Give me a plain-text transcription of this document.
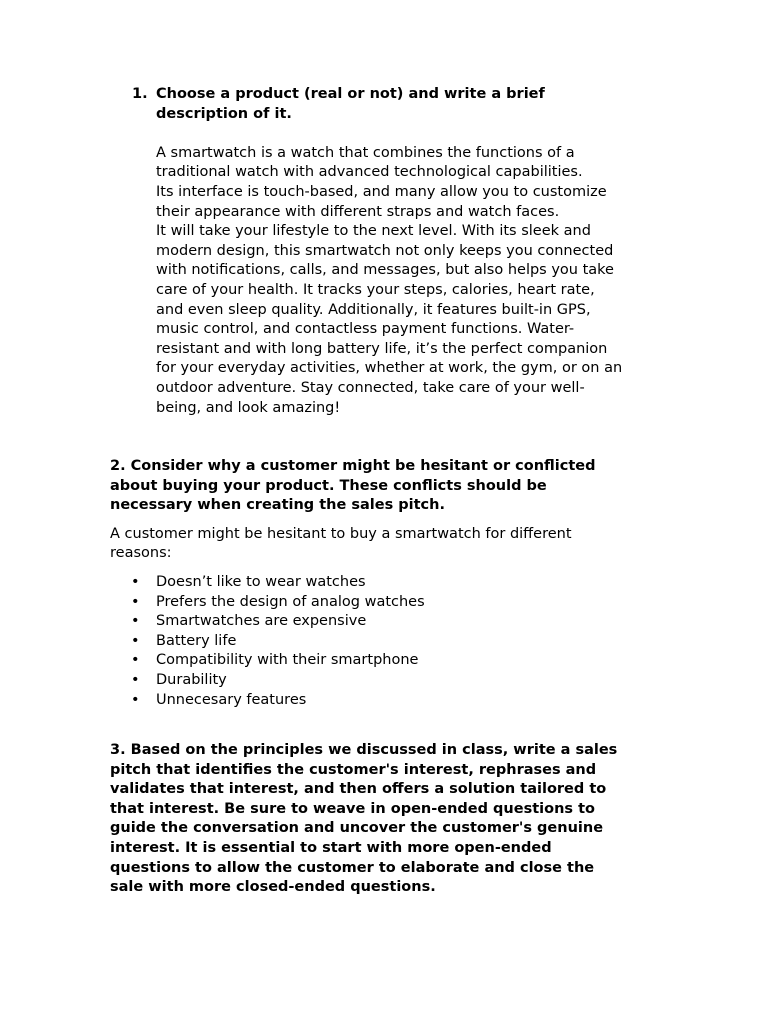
1. Choose a product (real or not) and write a brief
description of it.

A smartwatch is a watch that combines the functions of a
traditional watch with advanced technological capabilities.
Its interface is touch-based, and many allow you to customize
their appearance with different straps and watch faces.
It will take your lifestyle to the next level. With its sleek and
modern design, this smartwatch not only keeps you connected
with notifications, calls, and messages, but also helps you take
care of your health. It tracks your steps, calories, heart rate,
and even sleep quality. Additionally, it features built-in GPS,
music control, and contactless payment functions. Water-
resistant and with long battery life, it’s the perfect companion
for your everyday activities, whether at work, the gym, or on an
outdoor adventure. Stay connected, take care of your well-
being, and look amazing!

2. Consider why a customer might be hesitant or conflicted
about buying your product. These conflicts should be
necessary when creating the sales pitch.

A customer might be hesitant to buy a smartwatch for different
reasons:

• Doesn’t like to wear watches
• Prefers the design of analog watches
• Smartwatches are expensive
• Battery life
• Compatibility with their smartphone
• Durability
• Unnecesary features

3. Based on the principles we discussed in class, write a sales
pitch that identifies the customer's interest, rephrases and
validates that interest, and then offers a solution tailored to
that interest. Be sure to weave in open-ended questions to
guide the conversation and uncover the customer's genuine
interest. It is essential to start with more open-ended
questions to allow the customer to elaborate and close the
sale with more closed-ended questions.
